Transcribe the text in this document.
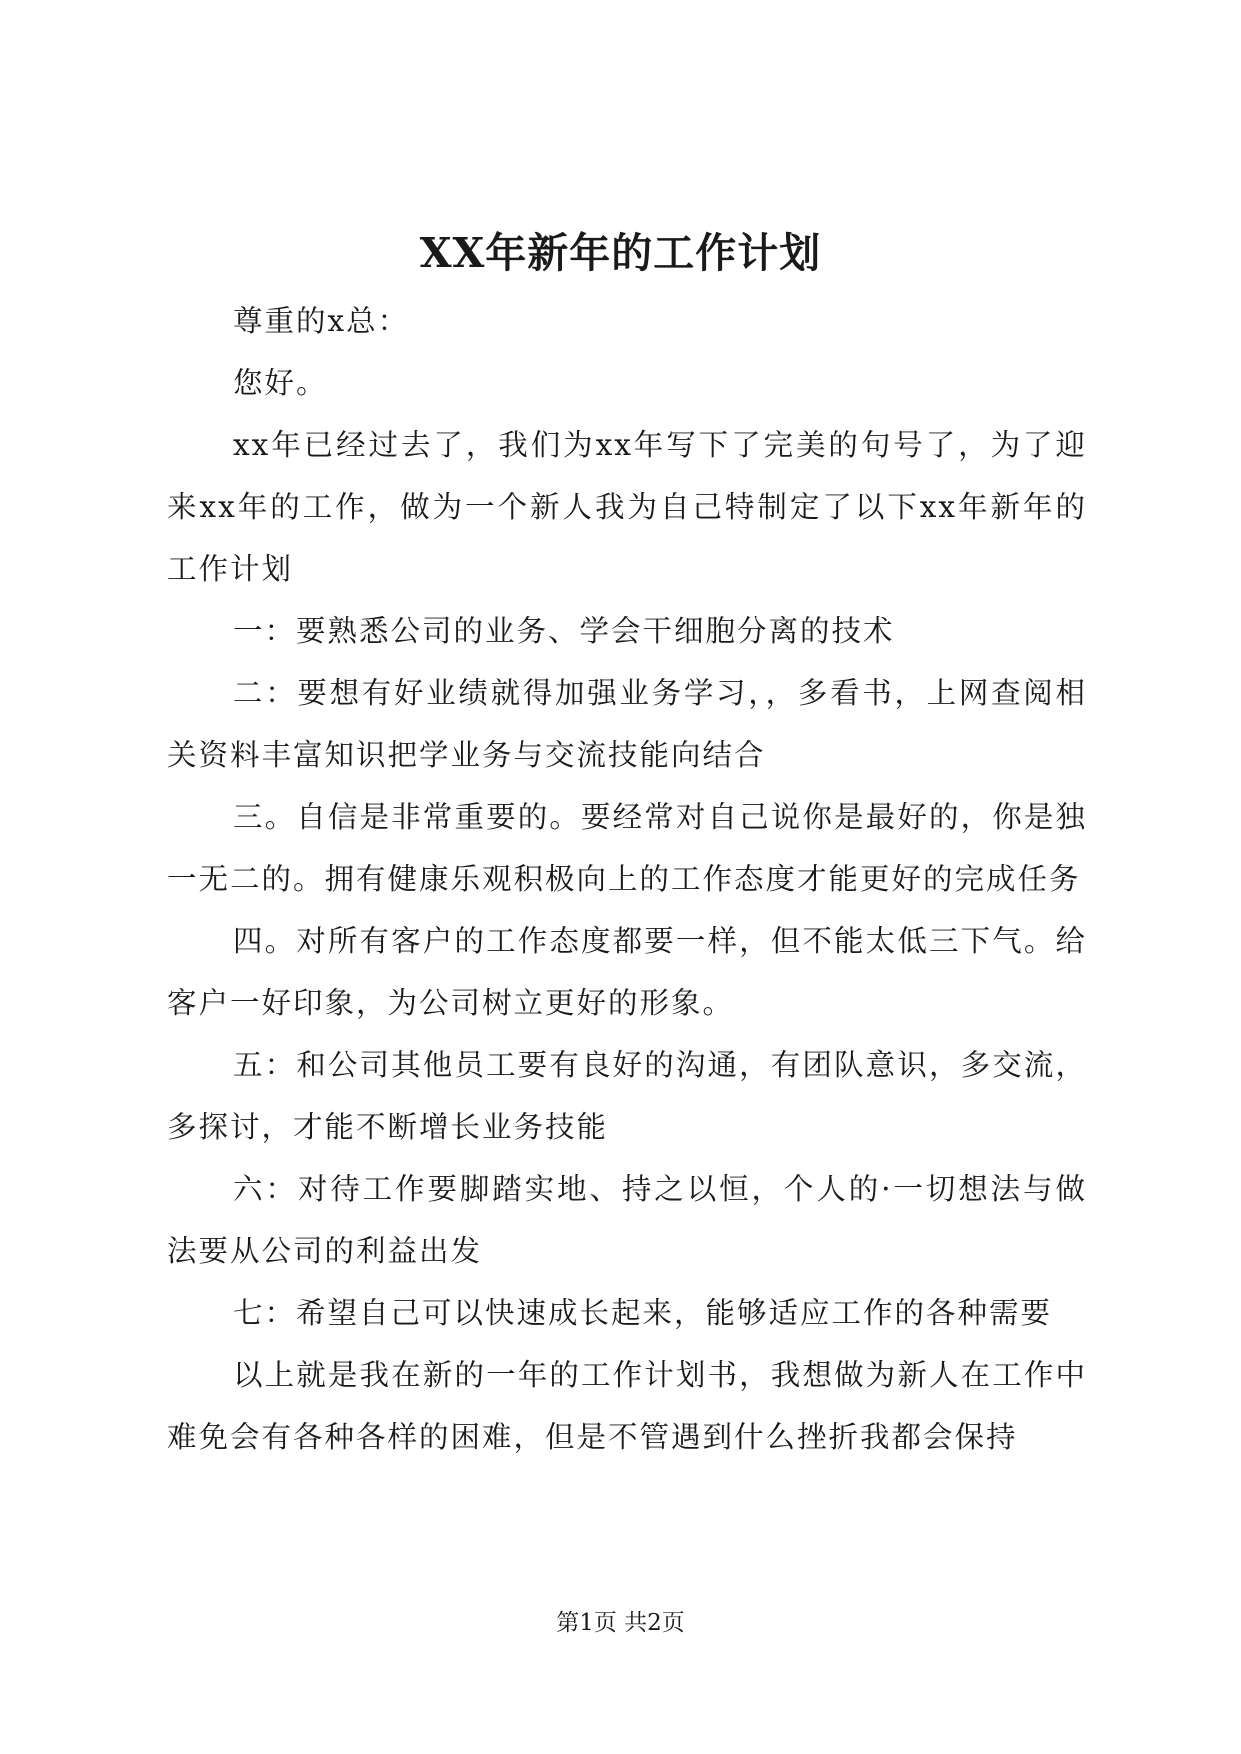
XX年新年的工作计划

尊重的x总：

您好。

xx年已经过去了，我们为xx年写下了完美的句号了，为了迎来xx年的工作，做为一个新人我为自己特制定了以下xx年新年的工作计划

一：要熟悉公司的业务、学会干细胞分离的技术

二：要想有好业绩就得加强业务学习，，多看书，上网查阅相关资料丰富知识把学业务与交流技能向结合

三。自信是非常重要的。要经常对自己说你是最好的，你是独一无二的。拥有健康乐观积极向上的工作态度才能更好的完成任务

四。对所有客户的工作态度都要一样，但不能太低三下气。给客户一好印象，为公司树立更好的形象。

五：和公司其他员工要有良好的沟通，有团队意识，多交流，多探讨，才能不断增长业务技能

六：对待工作要脚踏实地、持之以恒，个人的·一切想法与做法要从公司的利益出发

七：希望自己可以快速成长起来，能够适应工作的各种需要

以上就是我在新的一年的工作计划书，我想做为新人在工作中难免会有各种各样的困难，但是不管遇到什么挫折我都会保持

第1页 共2页
